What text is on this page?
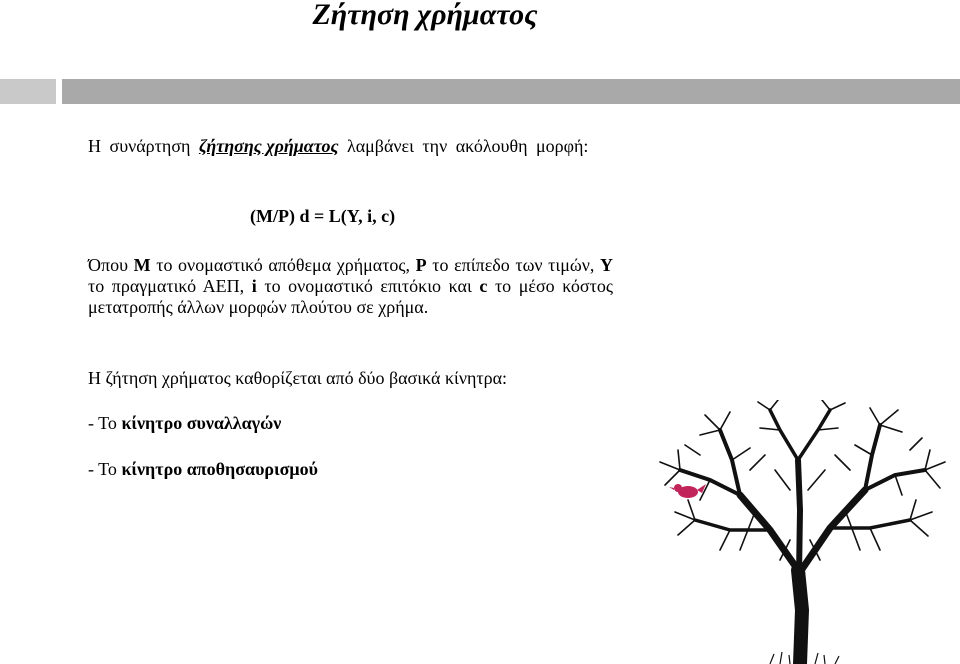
Ζήτηση χρήματος
Η συνάρτηση ζήτησης χρήματος λαμβάνει την ακόλουθη μορφή:
(M/P) d = L(Y, i, c)
Όπου M το ονομαστικό απόθεμα χρήματος, P το επίπεδο των τιμών, Y το πραγματικό ΑΕΠ, i το ονομαστικό επιτόκιο και c το μέσο κόστος μετατροπής άλλων μορφών πλούτου σε χρήμα.
Η ζήτηση χρήματος καθορίζεται από δύο βασικά κίνητρα:
- Το κίνητρο συναλλαγών
- Το κίνητρο αποθησαυρισμού
